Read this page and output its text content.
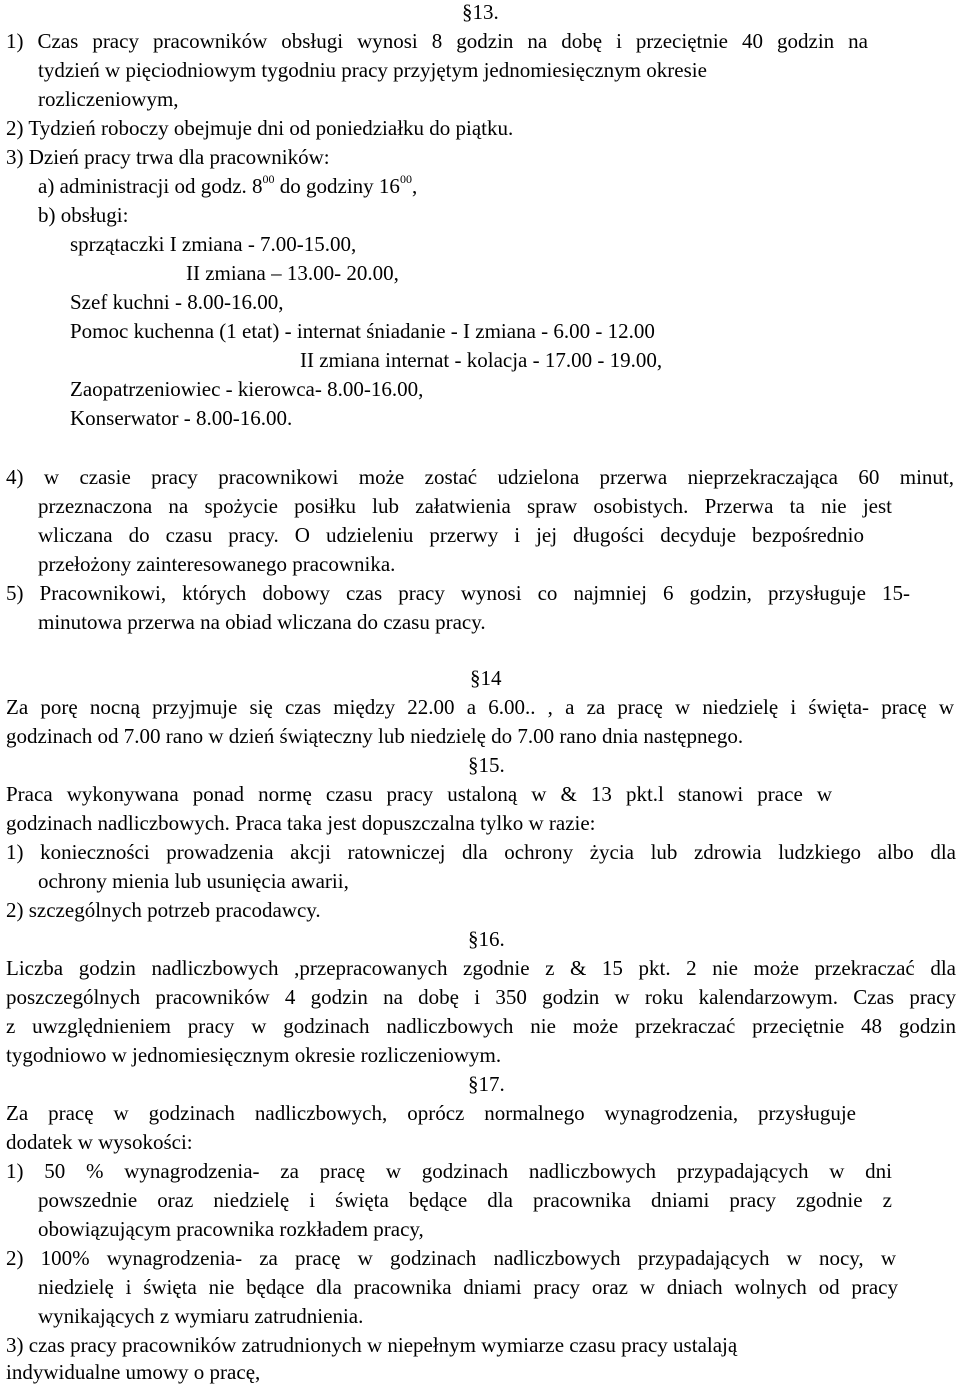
§13.
1) Czas pracy pracowników obsługi wynosi 8 godzin na dobę i przeciętnie 40 godzin na
tydzień w pięciodniowym tygodniu pracy przyjętym jednomiesięcznym okresie
rozliczeniowym,
2) Tydzień roboczy obejmuje dni od poniedziałku do piątku.
3) Dzień pracy trwa dla pracowników:
a) administracji od godz. $8^{00}$ do godziny $16^{00}$,
b) obsługi:
sprzątaczki I zmiana - 7.00-15.00,
II zmiana – 13.00- 20.00,
Szef kuchni - 8.00-16.00,
Pomoc kuchenna (1 etat) - internat śniadanie - I zmiana - 6.00 - 12.00
II zmiana internat - kolacja - 17.00 - 19.00,
Zaopatrzeniowiec - kierowca- 8.00-16.00,
Konserwator - 8.00-16.00.
4) w czasie pracy pracownikowi może zostać udzielona przerwa nieprzekraczająca 60 minut,
przeznaczona na spożycie posiłku lub załatwienia spraw osobistych. Przerwa ta nie jest
wliczana do czasu pracy. O udzieleniu przerwy i jej długości decyduje bezpośrednio
przełożony zainteresowanego pracownika.
5) Pracownikowi, których dobowy czas pracy wynosi co najmniej 6 godzin, przysługuje 15-
minutowa przerwa na obiad wliczana do czasu pracy.
§14
Za porę nocną przyjmuje się czas między 22.00 a 6.00.. , a za pracę w niedzielę i święta- pracę w
godzinach od 7.00 rano w dzień świąteczny lub niedzielę do 7.00 rano dnia następnego.
§15.
Praca wykonywana ponad normę czasu pracy ustaloną w & 13 pkt.l stanowi prace w
godzinach nadliczbowych. Praca taka jest dopuszczalna tylko w razie:
1) konieczności prowadzenia akcji ratowniczej dla ochrony życia lub zdrowia ludzkiego albo dla
ochrony mienia lub usunięcia awarii,
2) szczególnych potrzeb pracodawcy.
§16.
Liczba godzin nadliczbowych ,przepracowanych zgodnie z & 15 pkt. 2 nie może przekraczać dla
poszczególnych pracowników 4 godzin na dobę i 350 godzin w roku kalendarzowym. Czas pracy
z uwzględnieniem pracy w godzinach nadliczbowych nie może przekraczać przeciętnie 48 godzin
tygodniowo w jednomiesięcznym okresie rozliczeniowym.
§17.
Za pracę w godzinach nadliczbowych, oprócz normalnego wynagrodzenia, przysługuje
dodatek w wysokości:
1) 50 % wynagrodzenia- za pracę w godzinach nadliczbowych przypadających w dni
powszednie oraz niedzielę i święta będące dla pracownika dniami pracy zgodnie z
obowiązującym pracownika rozkładem pracy,
2) 100% wynagrodzenia- za pracę w godzinach nadliczbowych przypadających w nocy, w
niedzielę i święta nie będące dla pracownika dniami pracy oraz w dniach wolnych od pracy
wynikających z wymiaru zatrudnienia.
3) czas pracy pracowników zatrudnionych w niepełnym wymiarze czasu pracy ustalają
indywidualne umowy o pracę,
